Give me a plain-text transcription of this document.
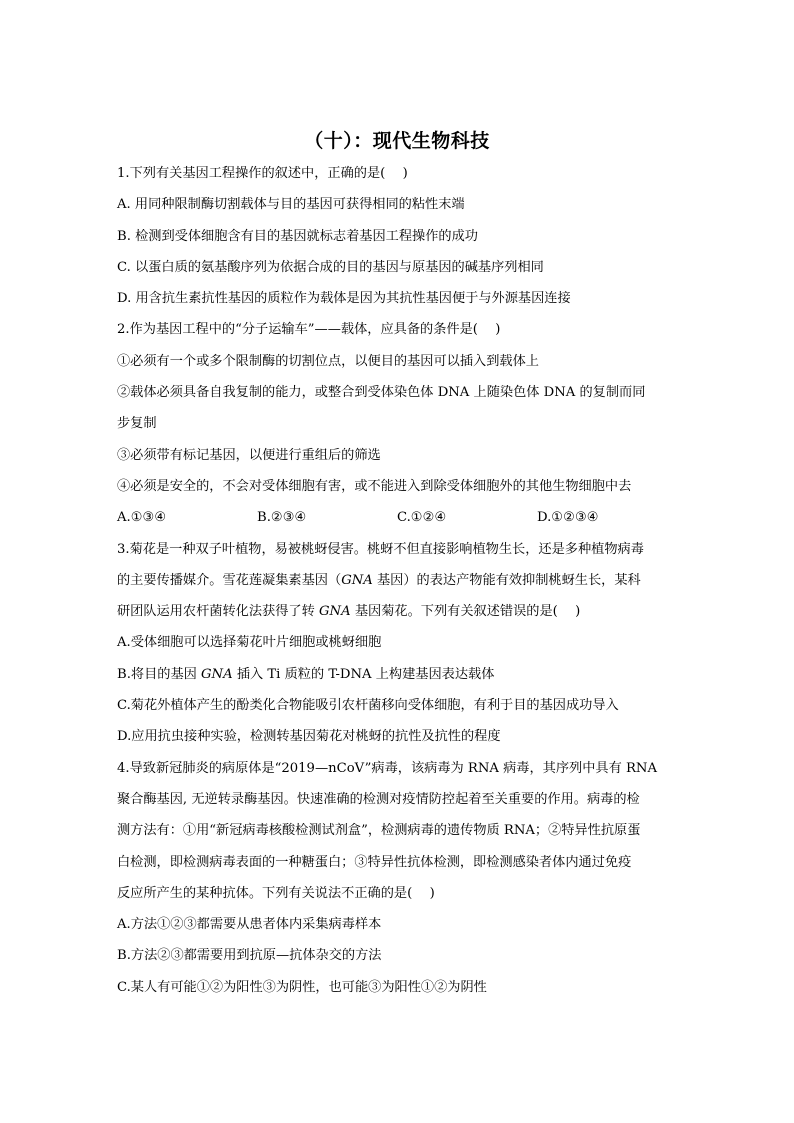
（十）：现代生物科技
1.下列有关基因工程操作的叙述中，正确的是(　 )
A. 用同种限制酶切割载体与目的基因可获得相同的粘性末端
B. 检测到受体细胞含有目的基因就标志着基因工程操作的成功
C. 以蛋白质的氨基酸序列为依据合成的目的基因与原基因的碱基序列相同
D. 用含抗生素抗性基因的质粒作为载体是因为其抗性基因便于与外源基因连接
2.作为基因工程中的“分子运输车”——载体，应具备的条件是(　 )
①必须有一个或多个限制酶的切割位点，以便目的基因可以插入到载体上
②载体必须具备自我复制的能力，或整合到受体染色体 DNA 上随染色体 DNA 的复制而同
步复制
③必须带有标记基因，以便进行重组后的筛选
④必须是安全的，不会对受体细胞有害，或不能进入到除受体细胞外的其他生物细胞中去
A.①③④	B.②③④	C.①②④	D.①②③④
3.菊花是一种双子叶植物，易被桃蚜侵害。桃蚜不但直接影响植物生长，还是多种植物病毒
的主要传播媒介。雪花莲凝集素基因（GNA 基因）的表达产物能有效抑制桃蚜生长，某科
研团队运用农杆菌转化法获得了转 GNA 基因菊花。下列有关叙述错误的是(　 )
A.受体细胞可以选择菊花叶片细胞或桃蚜细胞
B.将目的基因 GNA 插入 Ti 质粒的 T-DNA 上构建基因表达载体
C.菊花外植体产生的酚类化合物能吸引农杆菌移向受体细胞，有利于目的基因成功导入
D.应用抗虫接种实验，检测转基因菊花对桃蚜的抗性及抗性的程度
4.导致新冠肺炎的病原体是“2019—nCoV”病毒，该病毒为 RNA 病毒，其序列中具有 RNA
聚合酶基因, 无逆转录酶基因。快速准确的检测对疫情防控起着至关重要的作用。病毒的检
测方法有：①用“新冠病毒核酸检测试剂盒”，检测病毒的遗传物质 RNA；②特异性抗原蛋
白检测，即检测病毒表面的一种糖蛋白；③特异性抗体检测，即检测感染者体内通过免疫
反应所产生的某种抗体。下列有关说法不正确的是(　 )
A.方法①②③都需要从患者体内采集病毒样本
B.方法②③都需要用到抗原—抗体杂交的方法
C.某人有可能①②为阳性③为阴性，也可能③为阳性①②为阴性
